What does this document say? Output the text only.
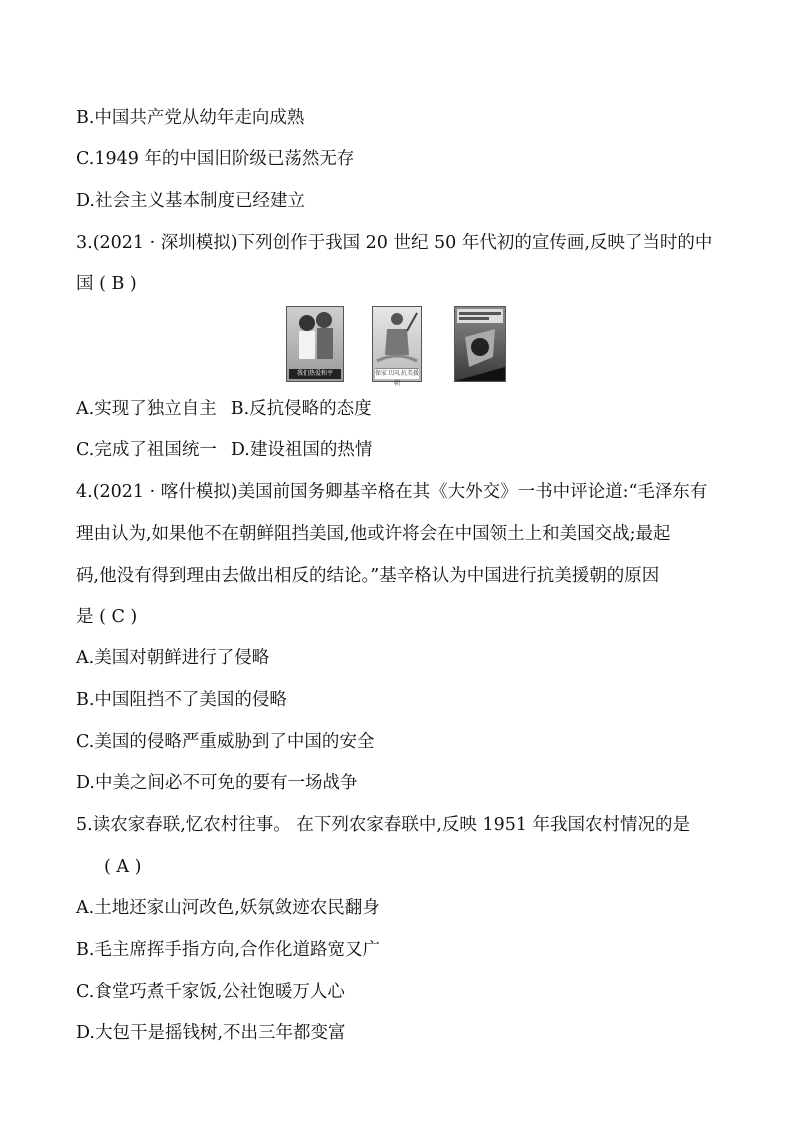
B.中国共产党从幼年走向成熟
C.1949 年的中国旧阶级已荡然无存
D.社会主义基本制度已经建立
3.(2021 · 深圳模拟)下列创作于我国 20 世纪 50 年代初的宣传画,反映了当时的中
国 ( B )
我们热爱和平	保家卫国,抗美援朝
A.实现了独立自主 B.反抗侵略的态度
C.完成了祖国统一 D.建设祖国的热情
4.(2021 · 喀什模拟)美国前国务卿基辛格在其《大外交》一书中评论道:“毛泽东有
理由认为,如果他不在朝鲜阻挡美国,他或许将会在中国领土上和美国交战;最起
码,他没有得到理由去做出相反的结论。”基辛格认为中国进行抗美援朝的原因
是 ( C )
A.美国对朝鲜进行了侵略
B.中国阻挡不了美国的侵略
C.美国的侵略严重威胁到了中国的安全
D.中美之间必不可免的要有一场战争
5.读农家春联,忆农村往事。 在下列农家春联中,反映 1951 年我国农村情况的是
( A )
A.土地还家山河改色,妖氛敛迹农民翻身
B.毛主席挥手指方向,合作化道路宽又广
C.食堂巧煮千家饭,公社饱暖万人心
D.大包干是摇钱树,不出三年都变富
